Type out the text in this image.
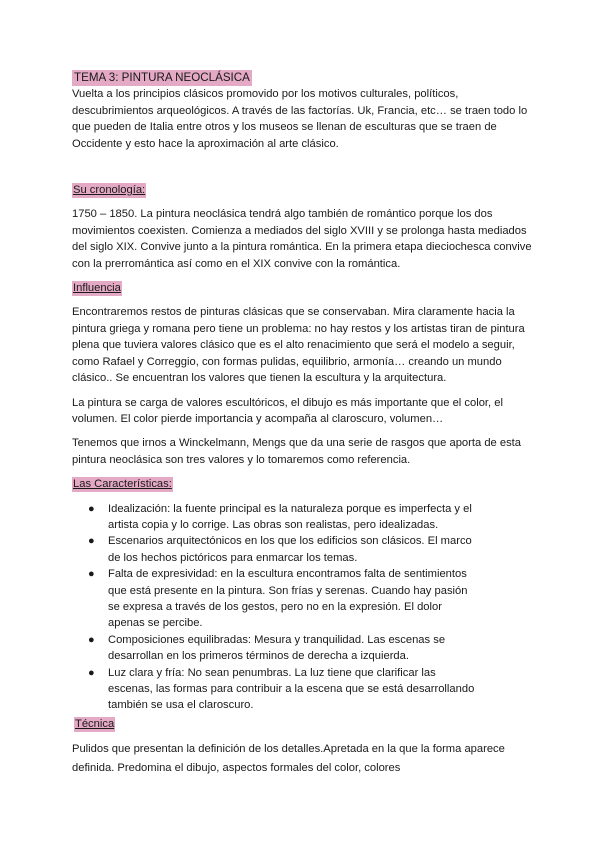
TEMA 3: PINTURA NEOCLÁSICA

Vuelta a los principios clásicos promovido por los motivos culturales, políticos, descubrimientos arqueológicos. A través de las factorías. Uk, Francia, etc… se traen todo lo que pueden de Italia entre otros y los museos se llenan de esculturas que se traen de Occidente y esto hace la aproximación al arte clásico.

Su cronología:

1750 – 1850. La pintura neoclásica tendrá algo también de romántico porque los dos movimientos coexisten. Comienza a mediados del siglo XVIII y se prolonga hasta mediados del siglo XIX. Convive junto a la pintura romántica. En la primera etapa dieciochesca convive con la prerromántica así como en el XIX convive con la romántica.

Influencia

Encontraremos restos de pinturas clásicas que se conservaban. Mira claramente hacia la pintura griega y romana pero tiene un problema: no hay restos y los artistas tiran de pintura plena que tuviera valores clásico que es el alto renacimiento que será el modelo a seguir, como Rafael y Correggio, con formas pulidas, equilibrio, armonía… creando un mundo clásico.. Se encuentran los valores que tienen la escultura y la arquitectura.

La pintura se carga de valores escultóricos, el dibujo es más importante que el color, el volumen. El color pierde importancia y acompaña al claroscuro, volumen…

Tenemos que irnos a Winckelmann, Mengs que da una serie de rasgos que aporta de esta pintura neoclásica son tres valores y lo tomaremos como referencia.

Las Características:
● Idealización: la fuente principal es la naturaleza porque es imperfecta y el artista copia y lo corrige. Las obras son realistas, pero idealizadas.
● Escenarios arquitectónicos en los que los edificios son clásicos. El marco de los hechos pictóricos para enmarcar los temas.
● Falta de expresividad: en la escultura encontramos falta de sentimientos que está presente en la pintura. Son frías y serenas. Cuando hay pasión se expresa a través de los gestos, pero no en la expresión. El dolor apenas se percibe.
● Composiciones equilibradas: Mesura y tranquilidad. Las escenas se desarrollan en los primeros términos de derecha a izquierda.
● Luz clara y fría: No sean penumbras. La luz tiene que clarificar las escenas, las formas para contribuir a la escena que se está desarrollando también se usa el claroscuro.
Técnica

Pulidos que presentan la definición de los detalles.Apretada en la que la forma aparece definida. Predomina el dibujo, aspectos formales del color, colores
